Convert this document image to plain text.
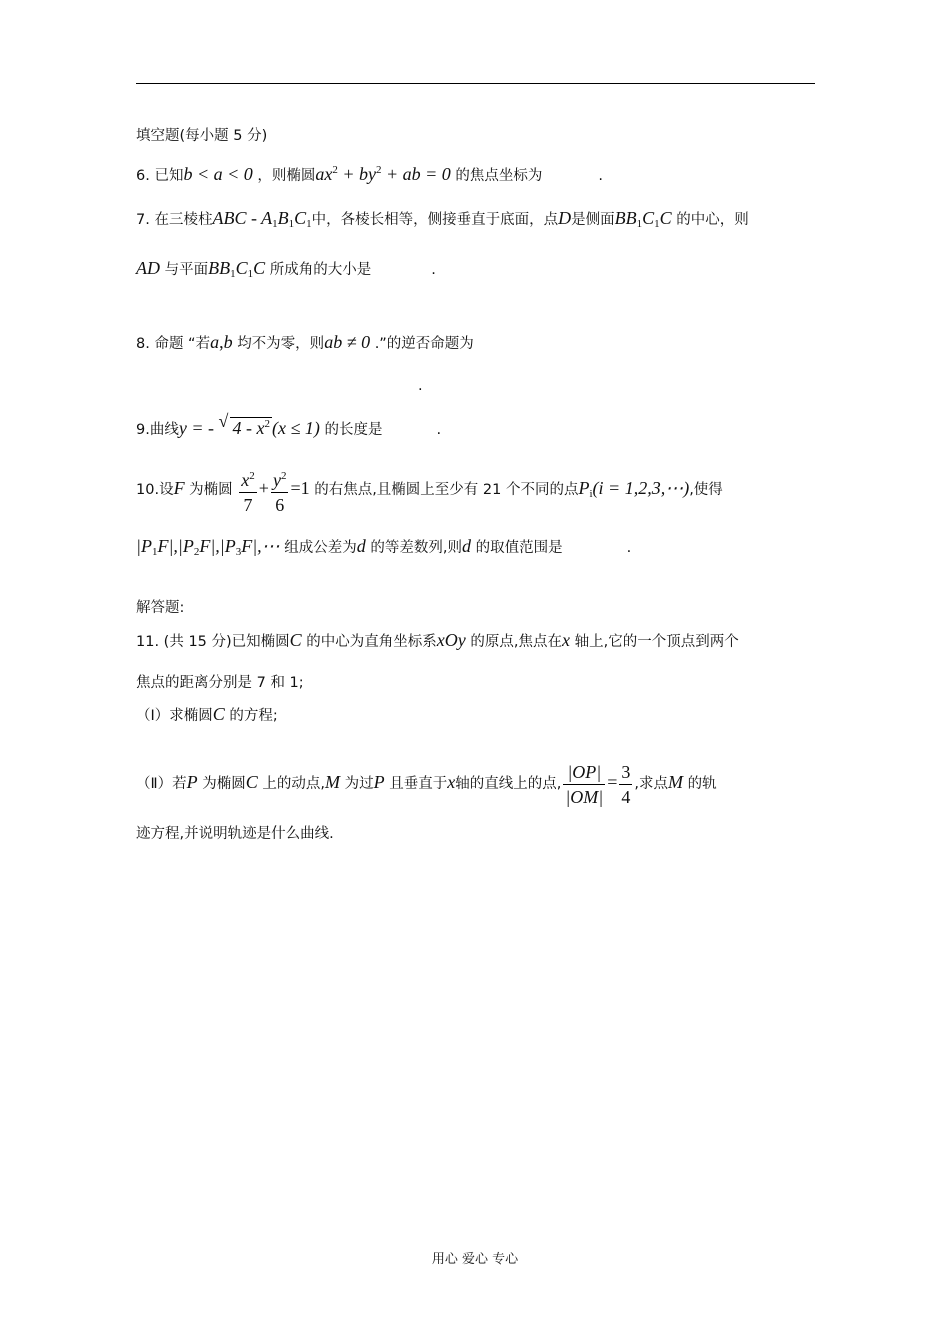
填空题(每小题 5 分)
6. 已知b < a < 0 ，则椭圆$ax^2 + by^2$ + ab = 0 的焦点坐标为	.
7. 在三棱柱ABC - $A_1B_1C_1$中，各棱长相等，侧接垂直于底面，点D是侧面$BB_1C_1C$ 的中心，则
AD 与平面$BB_1C_1C$ 所成角的大小是	.
8. 命题 “若a,b 均不为零，则ab ≠ 0 .”的逆否命题为
.
9.曲线y = - √ $4 - x^2$ (x ≤ 1) 的长度是	.
10.设F 为椭圆 $\frac{x^2}{7} + \frac{y^2}{6} =1$ 的右焦点,且椭圆上至少有 21 个不同的点$P_i(i$ = 1,2,3,⋯),使得
$|P_1F|,|P_2F|,|P_3F|,\cdots$ 组成公差为d 的等差数列,则d 的取值范围是	.
解答题:
11. (共 15 分)已知椭圆C 的中心为直角坐标系xOy 的原点,焦点在x 轴上,它的一个顶点到两个
焦点的距离分别是 7 和 1;
（Ⅰ）求椭圆C 的方程;
（Ⅱ）若P 为椭圆C 上的动点,M 为过P 且垂直于x轴的直线上的点, $\frac{|OP|}{|OM|} = \frac{3}{4}$ ,求点M 的轨
迹方程,并说明轨迹是什么曲线.
用心 爱心 专心
